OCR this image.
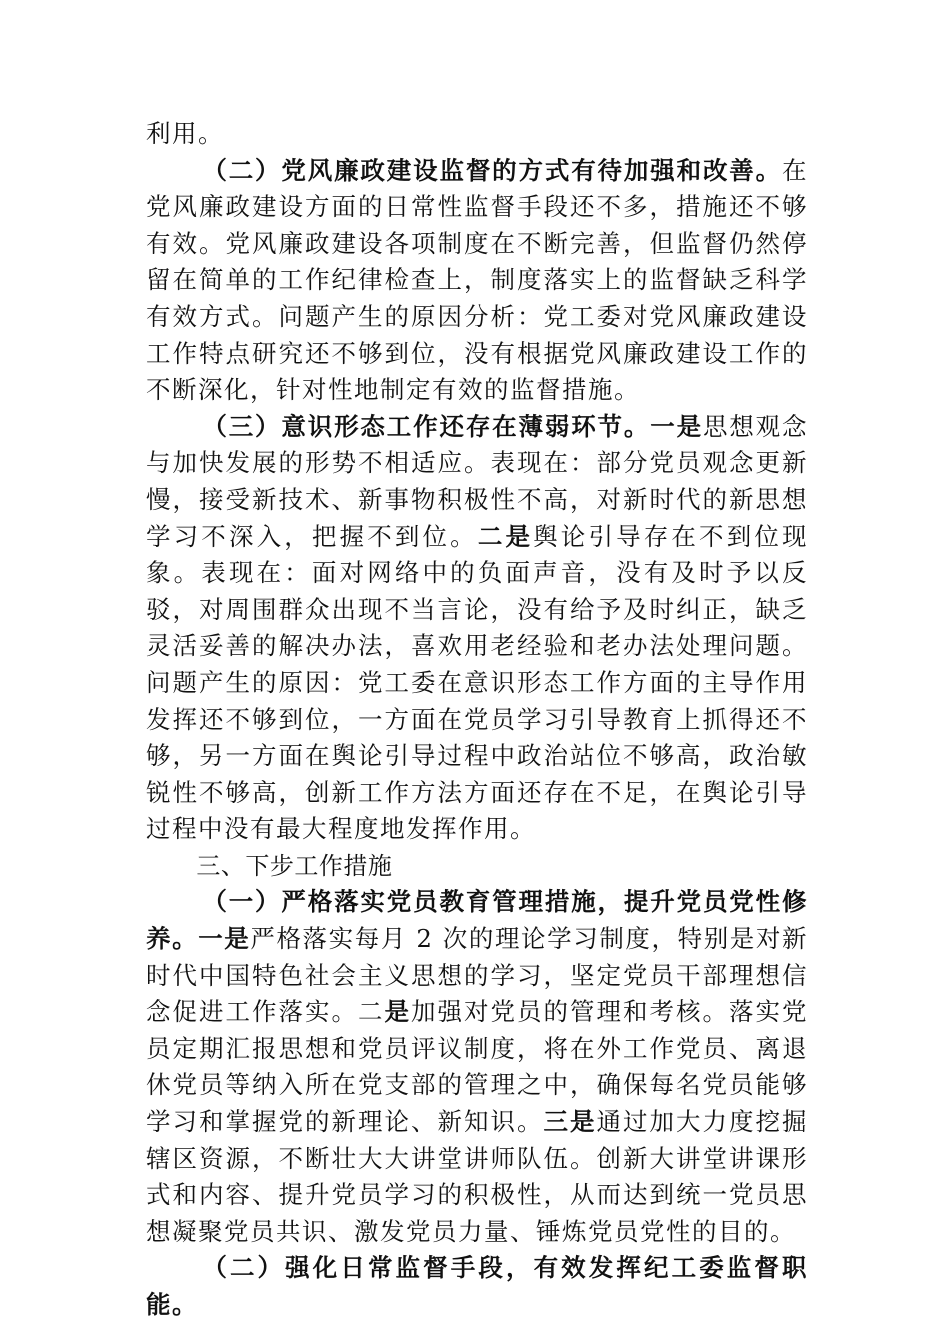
利用。

（二）党风廉政建设监督的方式有待加强和改善。在党风廉政建设方面的日常性监督手段还不多，措施还不够有效。党风廉政建设各项制度在不断完善，但监督仍然停留在简单的工作纪律检查上，制度落实上的监督缺乏科学有效方式。问题产生的原因分析：党工委对党风廉政建设工作特点研究还不够到位，没有根据党风廉政建设工作的不断深化，针对性地制定有效的监督措施。

（三）意识形态工作还存在薄弱环节。一是思想观念与加快发展的形势不相适应。表现在：部分党员观念更新慢，接受新技术、新事物积极性不高，对新时代的新思想学习不深入，把握不到位。二是舆论引导存在不到位现象。表现在：面对网络中的负面声音，没有及时予以反驳，对周围群众出现不当言论，没有给予及时纠正，缺乏灵活妥善的解决办法，喜欢用老经验和老办法处理问题。问题产生的原因：党工委在意识形态工作方面的主导作用发挥还不够到位，一方面在党员学习引导教育上抓得还不够，另一方面在舆论引导过程中政治站位不够高，政治敏锐性不够高，创新工作方法方面还存在不足，在舆论引导过程中没有最大程度地发挥作用。

三、下步工作措施

（一）严格落实党员教育管理措施，提升党员党性修养。一是严格落实每月 2 次的理论学习制度，特别是对新时代中国特色社会主义思想的学习，坚定党员干部理想信念促进工作落实。二是加强对党员的管理和考核。落实党员定期汇报思想和党员评议制度，将在外工作党员、离退休党员等纳入所在党支部的管理之中，确保每名党员能够学习和掌握党的新理论、新知识。三是通过加大力度挖掘辖区资源，不断壮大大讲堂讲师队伍。创新大讲堂讲课形式和内容、提升党员学习的积极性，从而达到统一党员思想凝聚党员共识、激发党员力量、锤炼党员党性的目的。

（二）强化日常监督手段，有效发挥纪工委监督职能。
